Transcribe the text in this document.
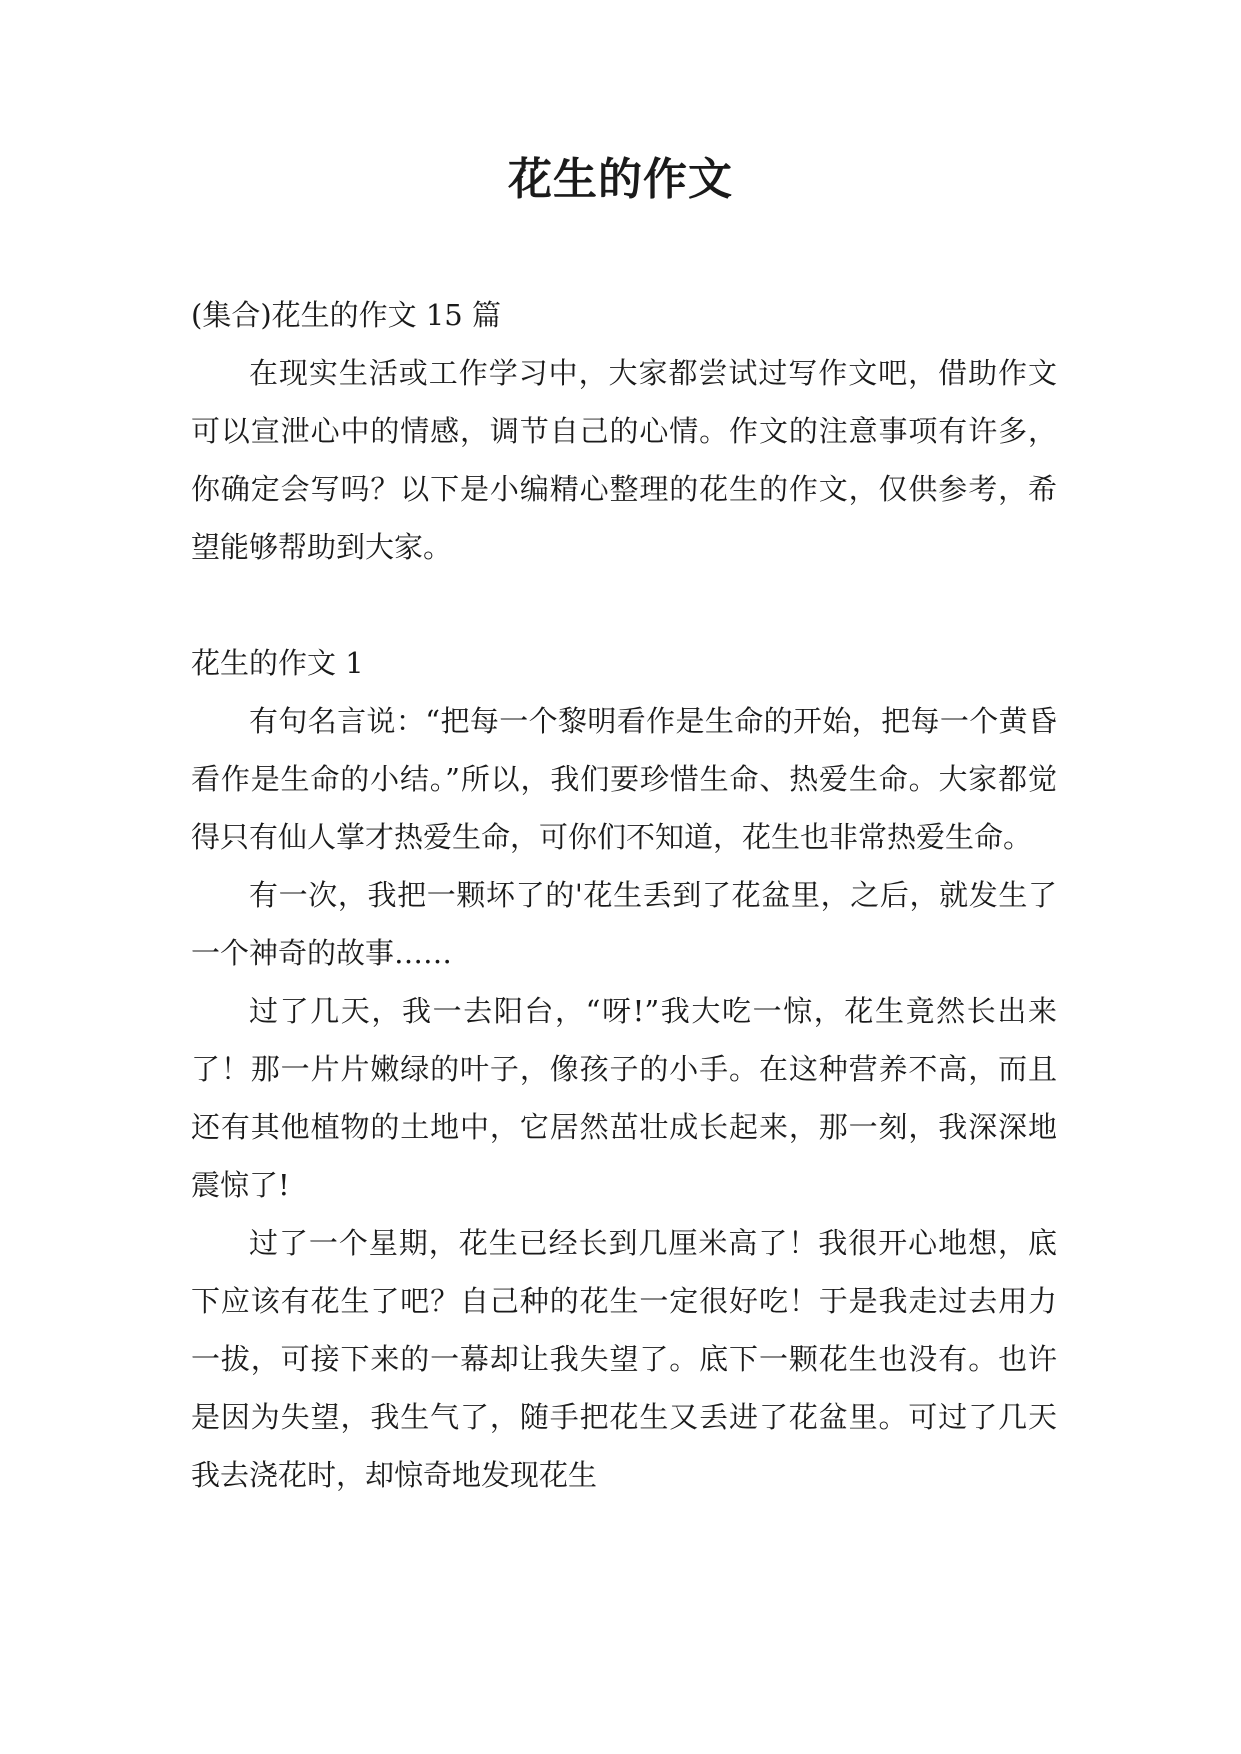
花生的作文

(集合)花生的作文 15 篇

在现实生活或工作学习中，大家都尝试过写作文吧，借助作文可以宣泄心中的情感，调节自己的心情。作文的注意事项有许多，你确定会写吗？以下是小编精心整理的花生的作文，仅供参考，希望能够帮助到大家。

花生的作文 1

有句名言说：“把每一个黎明看作是生命的开始，把每一个黄昏看作是生命的小结。”所以，我们要珍惜生命、热爱生命。大家都觉得只有仙人掌才热爱生命，可你们不知道，花生也非常热爱生命。

有一次，我把一颗坏了的'花生丢到了花盆里，之后，就发生了一个神奇的故事……

过了几天，我一去阳台，“呀!”我大吃一惊，花生竟然长出来了！那一片片嫩绿的叶子，像孩子的小手。在这种营养不高，而且还有其他植物的土地中，它居然茁壮成长起来，那一刻，我深深地震惊了!

过了一个星期，花生已经长到几厘米高了！我很开心地想，底下应该有花生了吧？自己种的花生一定很好吃！于是我走过去用力一拔，可接下来的一幕却让我失望了。底下一颗花生也没有。也许是因为失望，我生气了，随手把花生又丢进了花盆里。可过了几天我去浇花时，却惊奇地发现花生
